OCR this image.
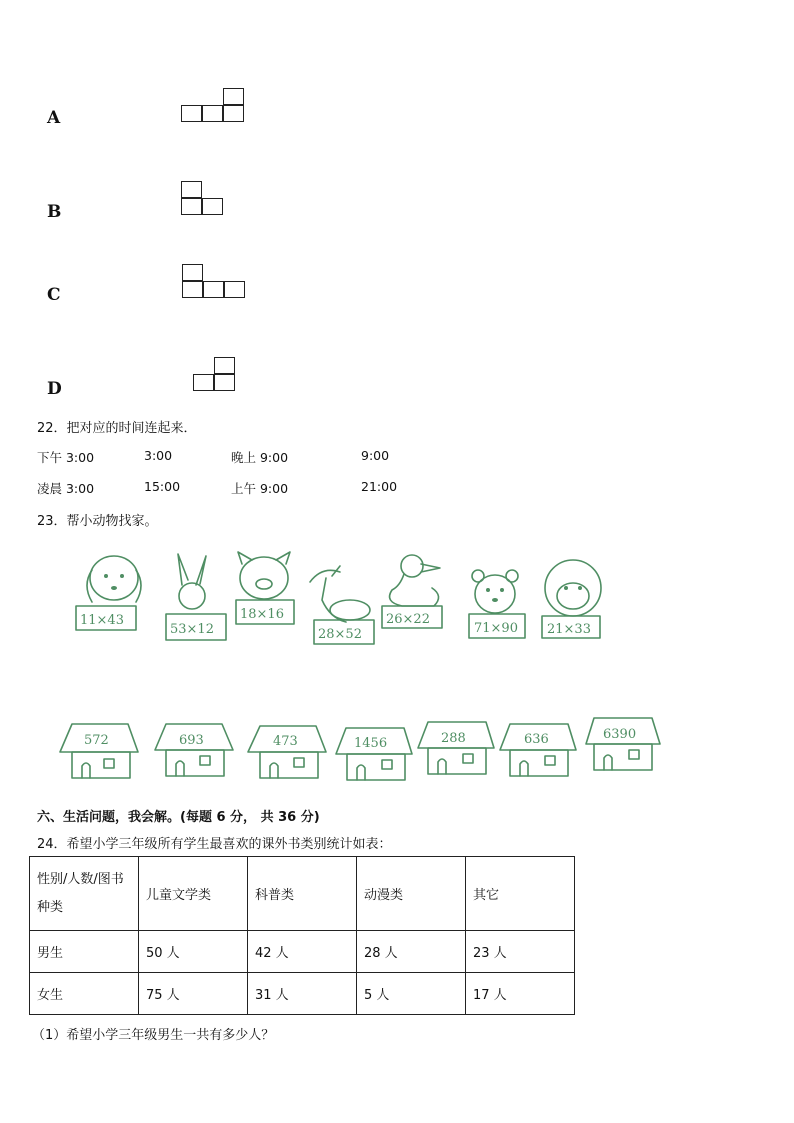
A
B
C
D
22．把对应的时间连起来．
下午 3:00	3:00	晚上 9:00	9:00
凌晨 3:00	15:00	上午 9:00	21:00
23．帮小动物找家。
11×43
53×12
18×16
28×52
26×22
71×90 21×33
572	693	473	1456	288	636	6390
六、生活问题，我会解。(每题 6 分， 共 36 分)
24．希望小学三年级所有学生最喜欢的课外书类别统计如表：
性别/人数/图书
种类	儿童文学类	科普类	动漫类	其它
男生	50 人	42 人	28 人	23 人
女生	75 人	31 人	5 人	17 人
（1）希望小学三年级男生一共有多少人？
